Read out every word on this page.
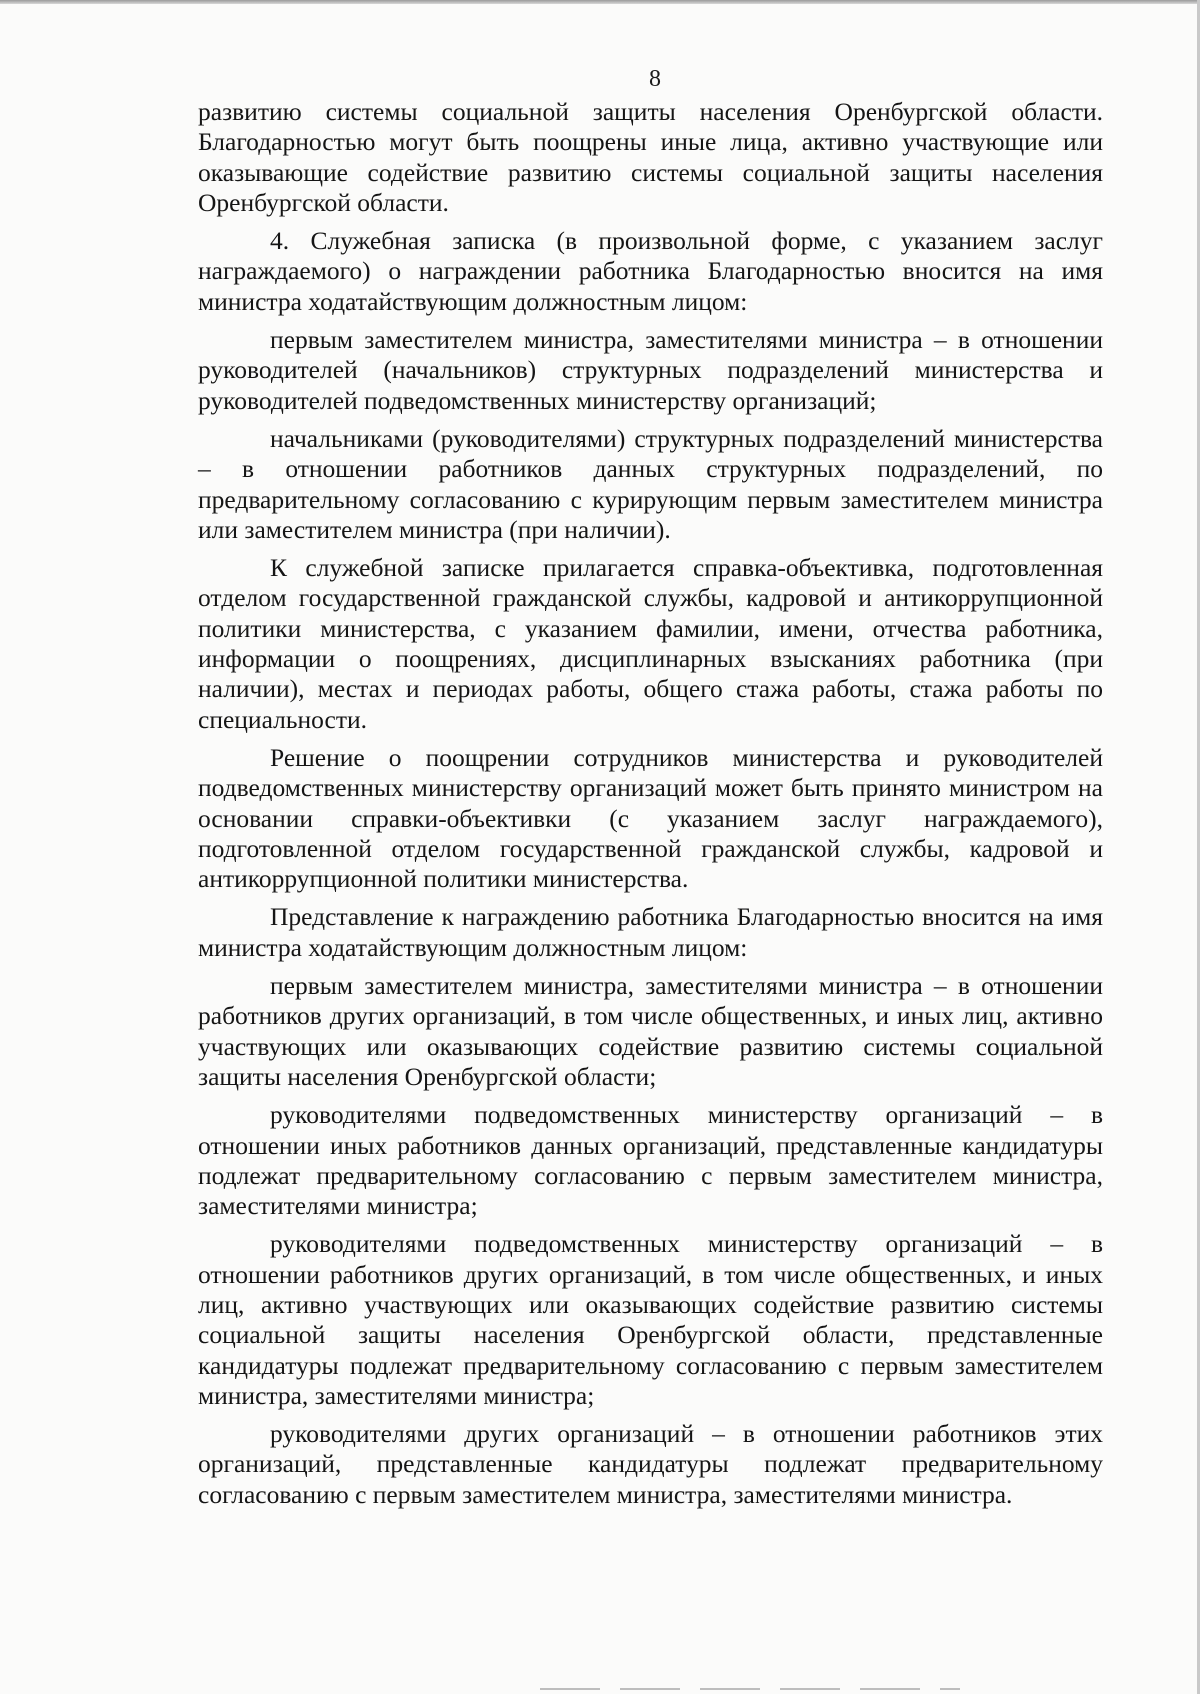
8

развитию системы социальной защиты населения Оренбургской области. Благодарностью могут быть поощрены иные лица, активно участвующие или оказывающие содействие развитию системы социальной защиты населения Оренбургской области.

4. Служебная записка (в произвольной форме, с указанием заслуг награждаемого) о награждении работника Благодарностью вносится на имя министра ходатайствующим должностным лицом:

первым заместителем министра, заместителями министра – в отношении руководителей (начальников) структурных подразделений министерства и руководителей подведомственных министерству организаций;

начальниками (руководителями) структурных подразделений министерства – в отношении работников данных структурных подразделений, по предварительному согласованию с курирующим первым заместителем министра или заместителем министра (при наличии).

К служебной записке прилагается справка-объективка, подготовленная отделом государственной гражданской службы, кадровой и антикоррупционной политики министерства, с указанием фамилии, имени, отчества работника, информации о поощрениях, дисциплинарных взысканиях работника (при наличии), местах и периодах работы, общего стажа работы, стажа работы по специальности.

Решение о поощрении сотрудников министерства и руководителей подведомственных министерству организаций может быть принято министром на основании справки-объективки (с указанием заслуг награждаемого), подготовленной отделом государственной гражданской службы, кадровой и антикоррупционной политики министерства.

Представление к награждению работника Благодарностью вносится на имя министра ходатайствующим должностным лицом:

первым заместителем министра, заместителями министра – в отношении работников других организаций, в том числе общественных, и иных лиц, активно участвующих или оказывающих содействие развитию системы социальной защиты населения Оренбургской области;

руководителями подведомственных министерству организаций – в отношении иных работников данных организаций, представленные кандидатуры подлежат предварительному согласованию с первым заместителем министра, заместителями министра;

руководителями подведомственных министерству организаций – в отношении работников других организаций, в том числе общественных, и иных лиц, активно участвующих или оказывающих содействие развитию системы социальной защиты населения Оренбургской области, представленные кандидатуры подлежат предварительному согласованию с первым заместителем министра, заместителями министра;

руководителями других организаций – в отношении работников этих организаций, представленные кандидатуры подлежат предварительному согласованию с первым заместителем министра, заместителями министра.
